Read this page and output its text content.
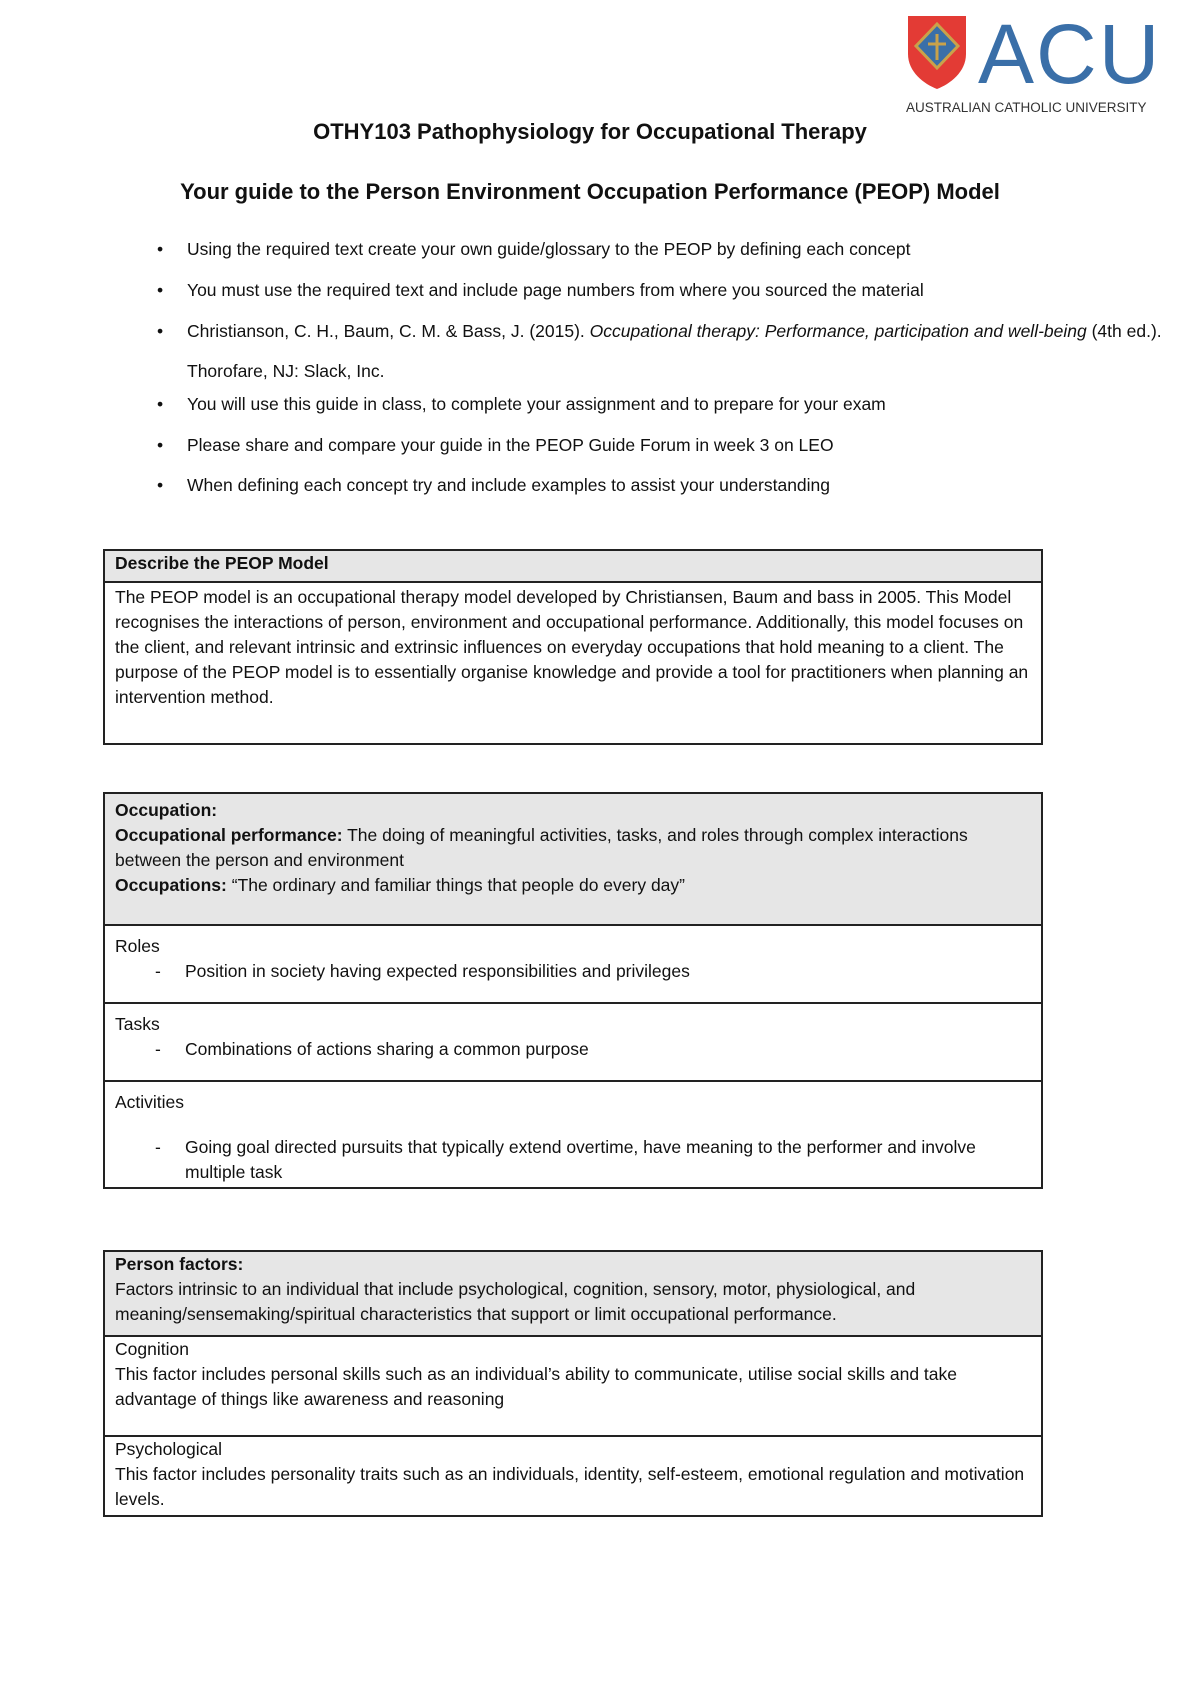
ACU
AUSTRALIAN CATHOLIC UNIVERSITY
OTHY103 Pathophysiology for Occupational Therapy
Your guide to the Person Environment Occupation Performance (PEOP) Model
• Using the required text create your own guide/glossary to the PEOP by defining each concept
• You must use the required text and include page numbers from where you sourced the material
• Christianson, C. H., Baum, C. M. & Bass, J. (2015). Occupational therapy: Performance, participation and well-being (4th ed.). Thorofare, NJ: Slack, Inc.
• You will use this guide in class, to complete your assignment and to prepare for your exam
• Please share and compare your guide in the PEOP Guide Forum in week 3 on LEO
• When defining each concept try and include examples to assist your understanding
Describe the PEOP Model
The PEOP model is an occupational therapy model developed by Christiansen, Baum and bass in 2005. This Model recognises the interactions of person, environment and occupational performance. Additionally, this model focuses on the client, and relevant intrinsic and extrinsic influences on everyday occupations that hold meaning to a client. The purpose of the PEOP model is to essentially organise knowledge and provide a tool for practitioners when planning an intervention method.
Occupation:
Occupational performance: The doing of meaningful activities, tasks, and roles through complex interactions between the person and environment
Occupations: “The ordinary and familiar things that people do every day”
Roles
- Position in society having expected responsibilities and privileges
Tasks
- Combinations of actions sharing a common purpose
Activities
- Going goal directed pursuits that typically extend overtime, have meaning to the performer and involve multiple task
Person factors:
Factors intrinsic to an individual that include psychological, cognition, sensory, motor, physiological, and meaning/sensemaking/spiritual characteristics that support or limit occupational performance.
Cognition
This factor includes personal skills such as an individual’s ability to communicate, utilise social skills and take advantage of things like awareness and reasoning
Psychological
This factor includes personality traits such as an individuals, identity, self-esteem, emotional regulation and motivation levels.
